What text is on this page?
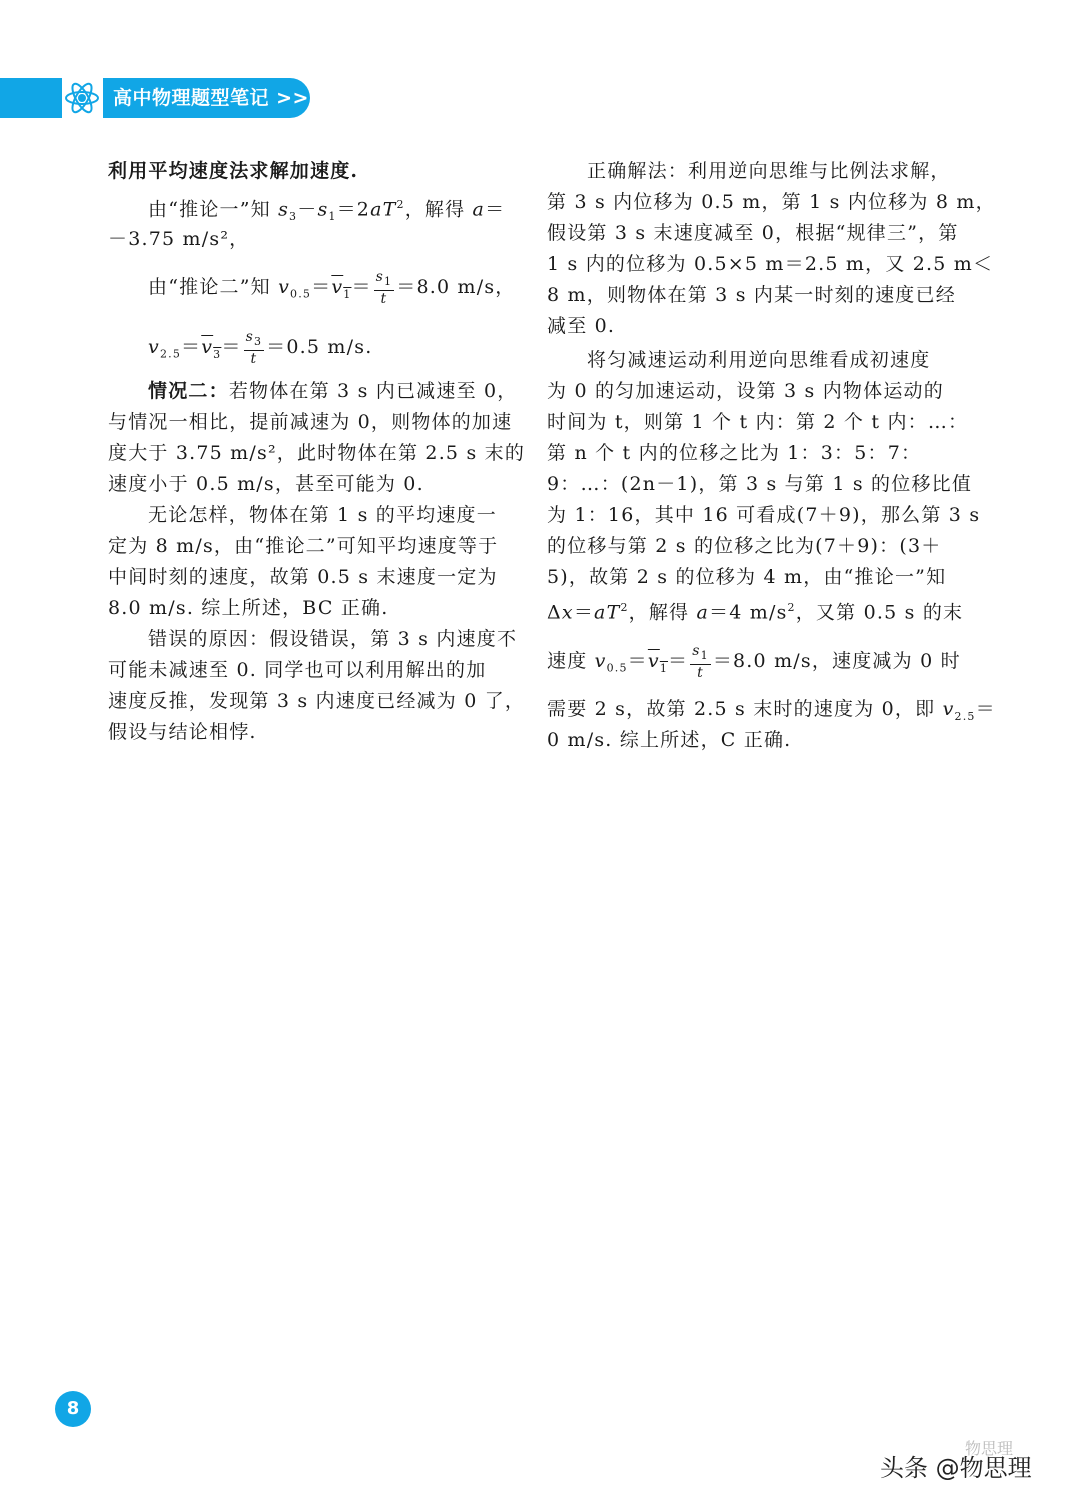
高中物理题型笔记 >>
利用平均速度法求解加速度.
由“推论一”知 $s_3-s_1=2aT^2$，解得 a＝
－3.75 m/s²，
由“推论二”知 $v_{0.5}=v_1= \frac{s_1}{t} =8.0$ m/s，
$v_{2.5}=v_3= \frac{s_3}{t} =0.5$ m/s.
情况二：若物体在第 3 s 内已减速至 0，
与情况一相比，提前减速为 0，则物体的加速
度大于 3.75 m/s²，此时物体在第 2.5 s 末的
速度小于 0.5 m/s，甚至可能为 0.
无论怎样，物体在第 1 s 的平均速度一
定为 8 m/s，由“推论二”可知平均速度等于
中间时刻的速度，故第 0.5 s 末速度一定为
8.0 m/s. 综上所述，BC 正确.
错误的原因：假设错误，第 3 s 内速度不
可能未减速至 0. 同学也可以利用解出的加
速度反推，发现第 3 s 内速度已经减为 0 了，
假设与结论相悖.
正确解法：利用逆向思维与比例法求解，
第 3 s 内位移为 0.5 m，第 1 s 内位移为 8 m，
假设第 3 s 末速度减至 0，根据“规律三”，第
1 s 内的位移为 0.5×5 m＝2.5 m，又 2.5 m＜
8 m，则物体在第 3 s 内某一时刻的速度已经
减至 0.
将匀减速运动利用逆向思维看成初速度
为 0 的匀加速运动，设第 3 s 内物体运动的
时间为 t，则第 1 个 t 内：第 2 个 t 内：…：
第 n 个 t 内的位移之比为 1：3：5：7：
9：…：(2n－1)，第 3 s 与第 1 s 的位移比值
为 1：16，其中 16 可看成(7＋9)，那么第 3 s
的位移与第 2 s 的位移之比为(7＋9)：(3＋
5)，故第 2 s 的位移为 4 m，由“推论一”知
$\Delta x=aT^2$，解得 a＝4 $m/s^2$，又第 0.5 s 的末
速度 $v_{0.5}=v_1= \frac{s_1}{t} =8.0$ m/s，速度减为 0 时
需要 2 s，故第 2.5 s 末时的速度为 0，即 $v_{2.5}=$
0 m/s. 综上所述，C 正确.
8
物思理
头条 @物思理
